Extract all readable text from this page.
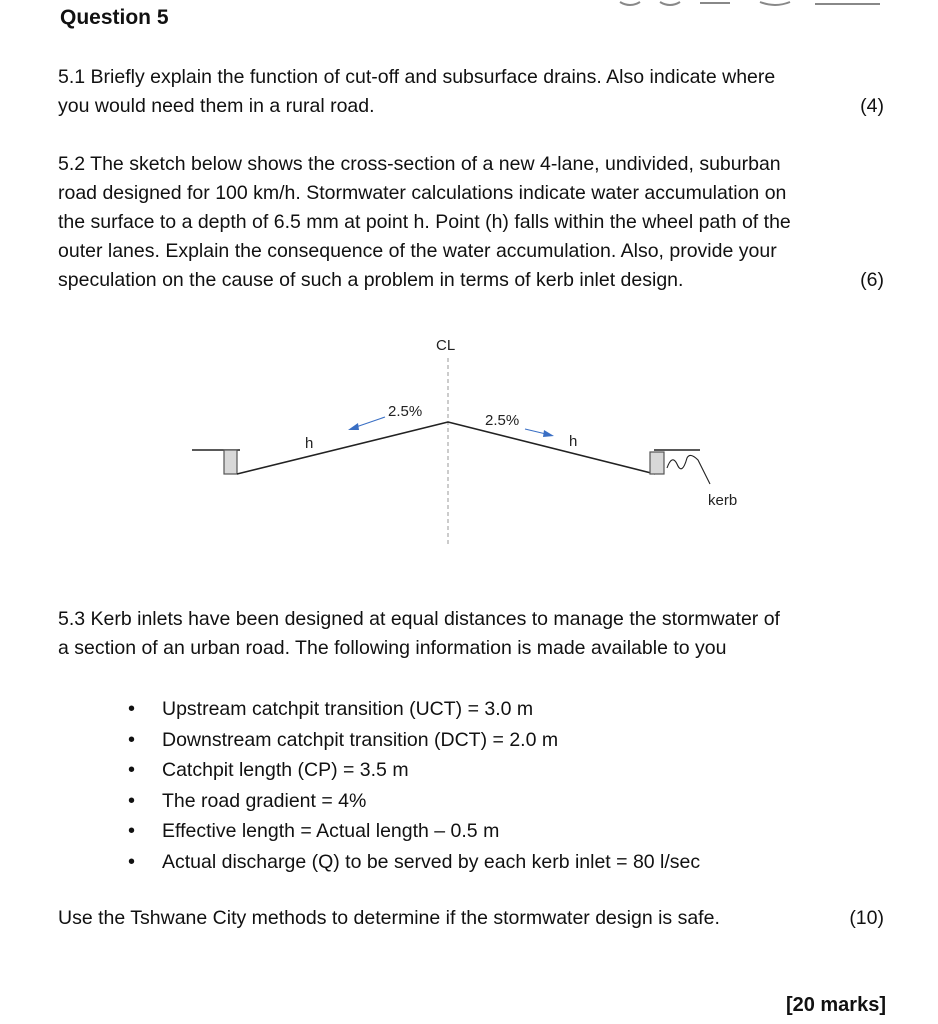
Question 5
5.1 Briefly explain the function of cut-off and subsurface drains. Also indicate where
you would need them in a rural road.	(4)
5.2 The sketch below shows the cross-section of a new 4-lane, undivided, suburban
road designed for 100 km/h. Stormwater calculations indicate water accumulation on
the surface to a depth of 6.5 mm at point h. Point (h) falls within the wheel path of the
outer lanes. Explain the consequence of the water accumulation. Also, provide your
speculation on the cause of such a problem in terms of kerb inlet design.	(6)
CL
kerb
2.5%
2.5%
h	h
5.3 Kerb inlets have been designed at equal distances to manage the stormwater of
a section of an urban road. The following information is made available to you
• Upstream catchpit transition (UCT) = 3.0 m
• Downstream catchpit transition (DCT) = 2.0 m
• Catchpit length (CP) = 3.5 m
• The road gradient = 4%
• Effective length = Actual length – 0.5 m
• Actual discharge (Q) to be served by each kerb inlet = 80 l/sec
Use the Tshwane City methods to determine if the stormwater design is safe.	(10)
[20 marks]
